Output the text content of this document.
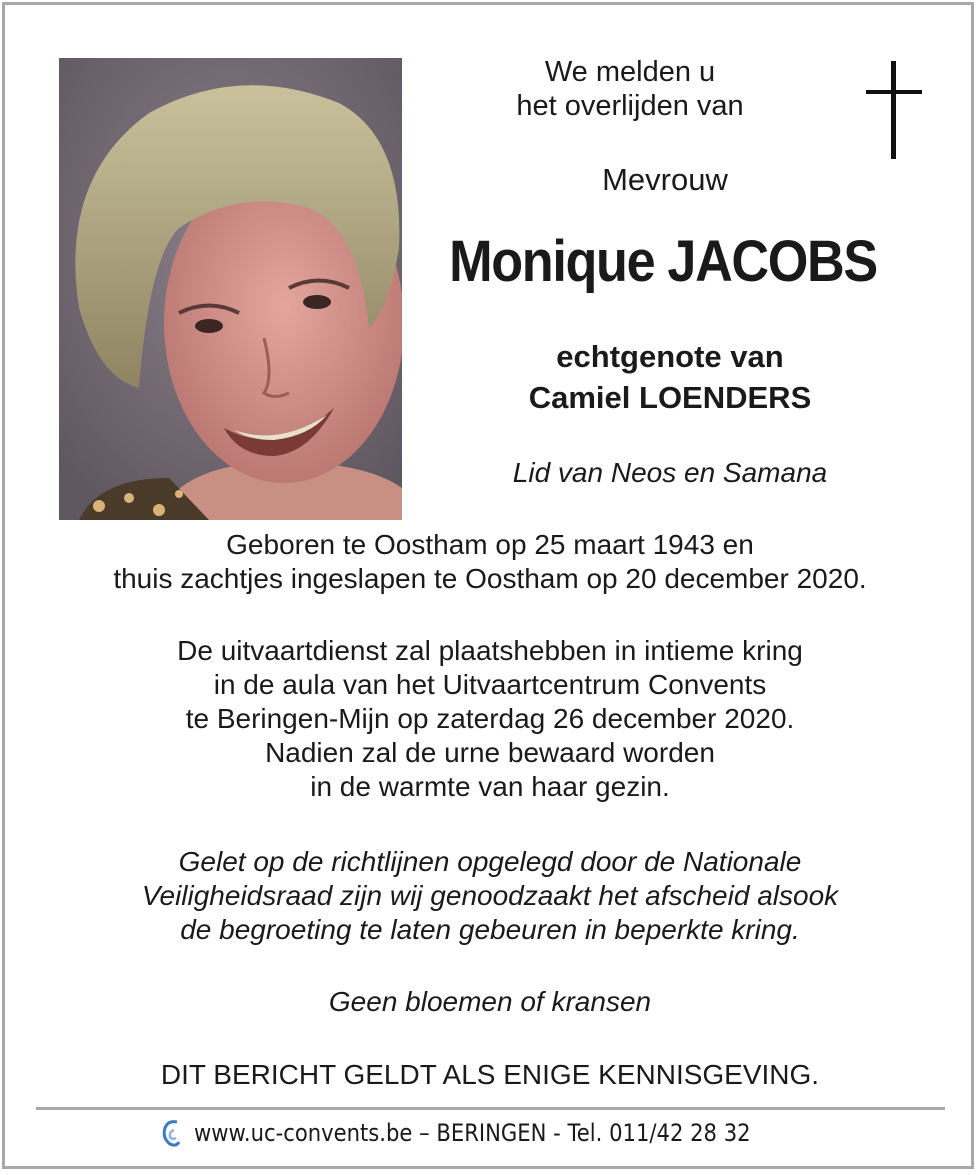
We melden u
het overlijden van
Mevrouw
Monique JACOBS
echtgenote van
Camiel LOENDERS
Lid van Neos en Samana
Geboren te Oostham op 25 maart 1943 en
thuis zachtjes ingeslapen te Oostham op 20 december 2020.
De uitvaartdienst zal plaatshebben in intieme kring
in de aula van het Uitvaartcentrum Convents
te Beringen-Mijn op zaterdag 26 december 2020.
Nadien zal de urne bewaard worden
in de warmte van haar gezin.
Gelet op de richtlijnen opgelegd door de Nationale
Veiligheidsraad zijn wij genoodzaakt het afscheid alsook
de begroeting te laten gebeuren in beperkte kring.
Geen bloemen of kransen
DIT BERICHT GELDT ALS ENIGE KENNISGEVING.
www.uc-convents.be – BERINGEN - Tel. 011/42 28 32
